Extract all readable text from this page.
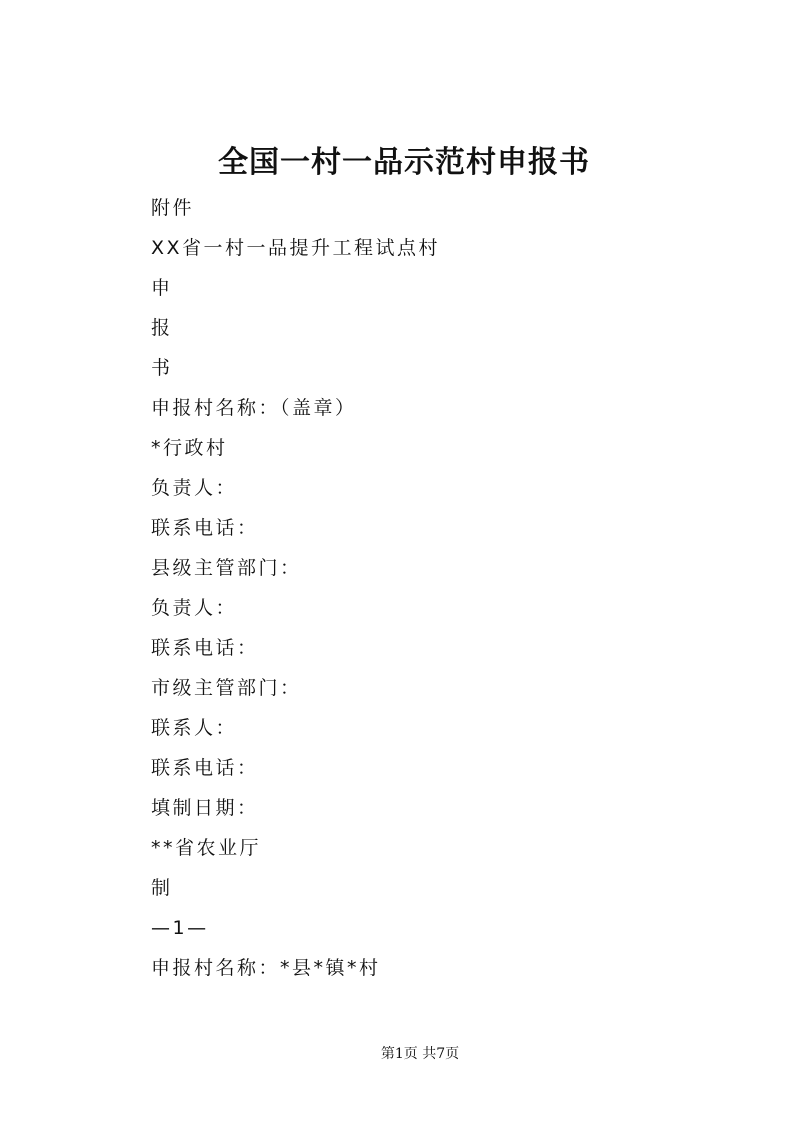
全国一村一品示范村申报书
附件
XX省一村一品提升工程试点村
申
报
书
申报村名称：（盖章）
*行政村
负责人：
联系电话：
县级主管部门：
负责人：
联系电话：
市级主管部门：
联系人：
联系电话：
填制日期：
**省农业厅
制
—1—
申报村名称：*县*镇*村
第1页 共7页
